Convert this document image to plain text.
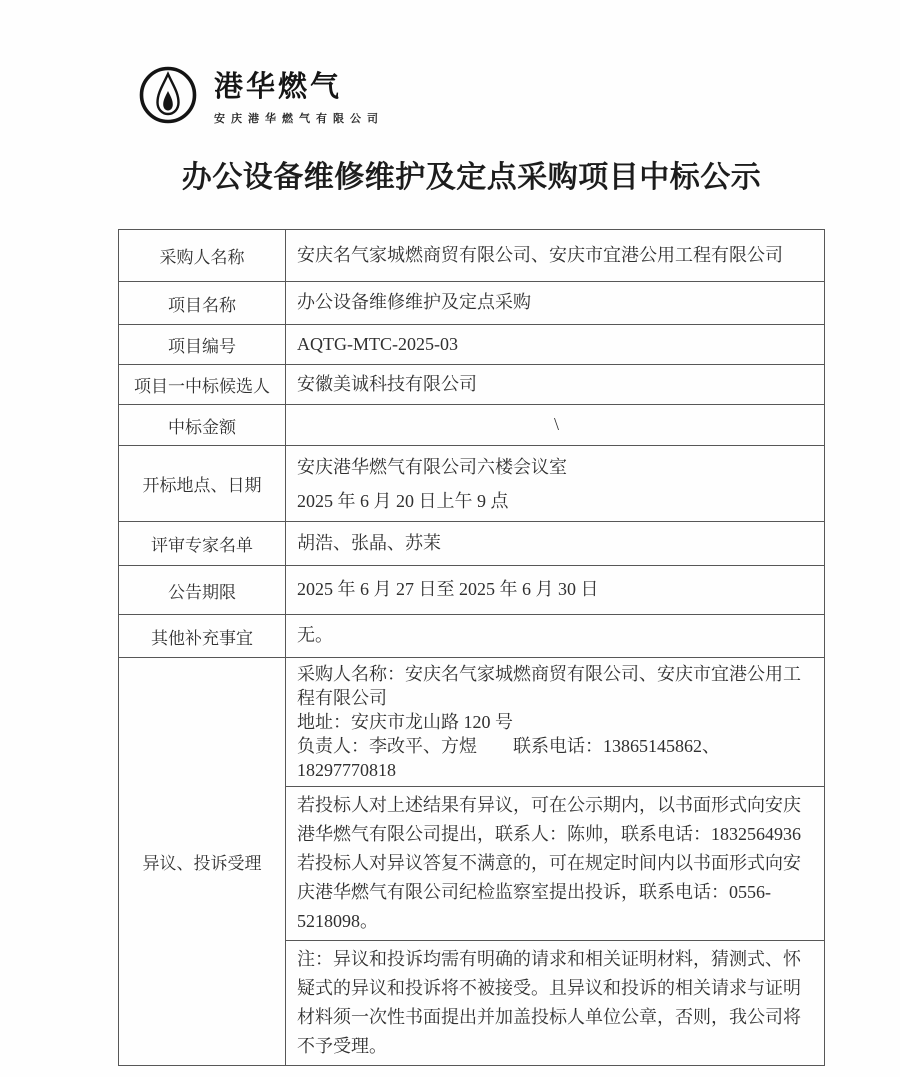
港华燃气
安庆港华燃气有限公司
办公设备维修维护及定点采购项目中标公示
采购人名称	安庆名气家城燃商贸有限公司、安庆市宜港公用工程有限公司
项目名称	办公设备维修维护及定点采购
项目编号	AQTG-MTC-2025-03
项目一中标候选人	安徽美诚科技有限公司
中标金额	\
开标地点、日期	安庆港华燃气有限公司六楼会议室
2025 年 6 月 20 日上午 9 点

评审专家名单	胡浩、张晶、苏茉
公告期限	2025 年 6 月 27 日至 2025 年 6 月 30 日
其他补充事宜	无。
异议、投诉受理	采购人名称：安庆名气家城燃商贸有限公司、安庆市宜港公用工程有限公司

地址：安庆市龙山路 120 号

负责人：李改平、方煜　　联系电话：13865145862、18297770818

	若投标人对上述结果有异议，可在公示期内，以书面形式向安庆港华燃气有限公司提出，联系人：陈帅，联系电话：1832564936

若投标人对异议答复不满意的，可在规定时间内以书面形式向安庆港华燃气有限公司纪检监察室提出投诉，联系电话：0556-5218098。

	注：异议和投诉均需有明确的请求和相关证明材料，猜测式、怀疑式的异议和投诉将不被接受。且异议和投诉的相关请求与证明材料须一次性书面提出并加盖投标人单位公章，否则，我公司将不予受理。
